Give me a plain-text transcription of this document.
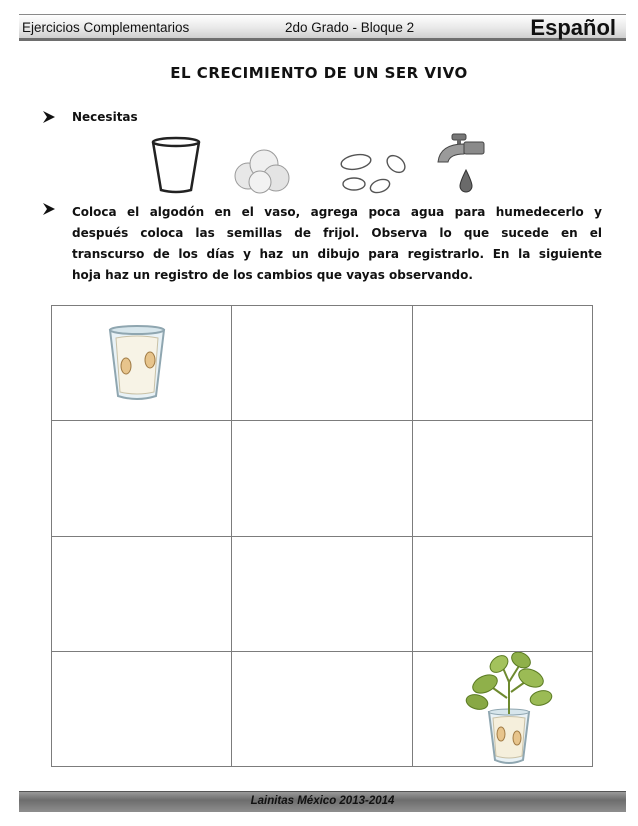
Ejercicios Complementarios	2do Grado - Bloque 2	Español
EL CRECIMIENTO DE UN SER VIVO
Necesitas
Coloca el algodón en el vaso, agrega poca agua para humedecerlo y
después coloca las semillas de frijol. Observa lo que sucede en el
transcurso de los días y haz un dibujo para registrarlo. En la siguiente
hoja haz un registro de los cambios que vayas observando.

Lainitas México 2013-2014
